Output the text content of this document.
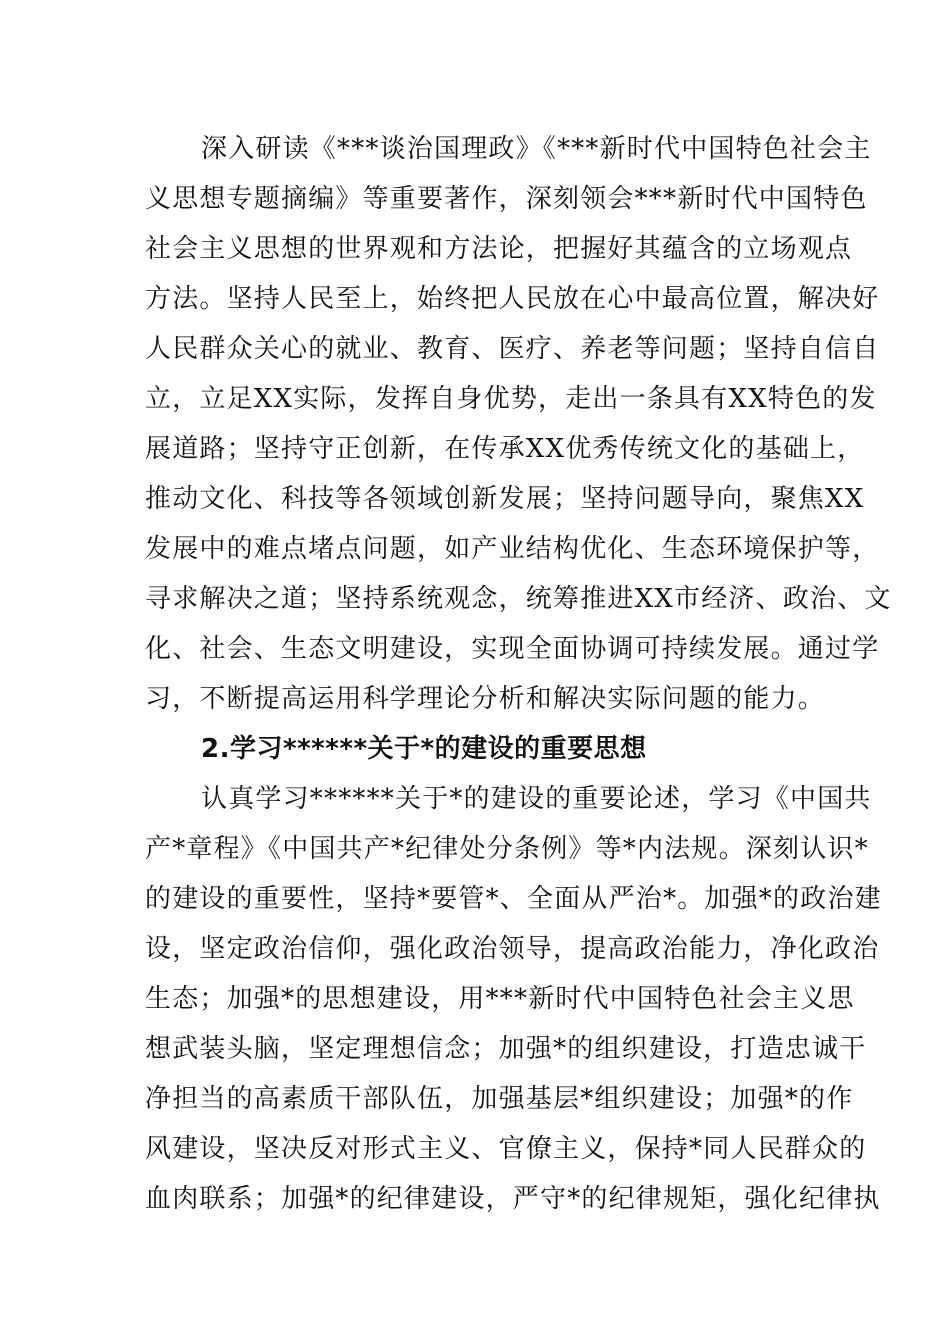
深入研读《***谈治国理政》《***新时代中国特色社会主
义思想专题摘编》等重要著作，深刻领会***新时代中国特色
社会主义思想的世界观和方法论，把握好其蕴含的立场观点
方法。坚持人民至上，始终把人民放在心中最高位置，解决好
人民群众关心的就业、教育、医疗、养老等问题；坚持自信自
立，立足XX实际，发挥自身优势，走出一条具有XX特色的发
展道路；坚持守正创新，在传承XX优秀传统文化的基础上，
推动文化、科技等各领域创新发展；坚持问题导向，聚焦XX
发展中的难点堵点问题，如产业结构优化、生态环境保护等，
寻求解决之道；坚持系统观念，统筹推进XX市经济、政治、文
化、社会、生态文明建设，实现全面协调可持续发展。通过学
习，不断提高运用科学理论分析和解决实际问题的能力。
2.学习******关于*的建设的重要思想
认真学习******关于*的建设的重要论述，学习《中国共
产*章程》《中国共产*纪律处分条例》等*内法规。深刻认识*
的建设的重要性，坚持*要管*、全面从严治*。加强*的政治建
设，坚定政治信仰，强化政治领导，提高政治能力，净化政治
生态；加强*的思想建设，用***新时代中国特色社会主义思
想武装头脑，坚定理想信念；加强*的组织建设，打造忠诚干
净担当的高素质干部队伍，加强基层*组织建设；加强*的作
风建设，坚决反对形式主义、官僚主义，保持*同人民群众的
血肉联系；加强*的纪律建设，严守*的纪律规矩，强化纪律执
